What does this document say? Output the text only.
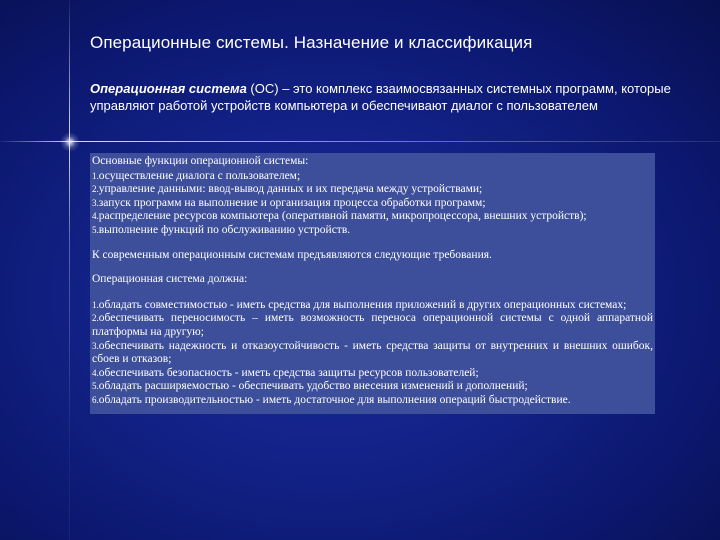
Операционные системы. Назначение и классификация
Операционная система (ОС) – это комплекс взаимосвязанных системных программ, которые управляют работой устройств компьютера и обеспечивают диалог с пользователем

Основные функции операционной системы:

1.осуществление диалога с пользователем;
2.управление данными: ввод-вывод данных и их передача между устройствами;
3.запуск программ на выполнение и организация процесса обработки программ;
4.распределение ресурсов компьютера (оперативной памяти, микропроцессора, внешних устройств);
5.выполнение функций по обслуживанию устройств.

К современным операционным системам предъявляются следующие требования.

Операционная система должна:

1.обладать совместимостью - иметь средства для выполнения приложений в других операционных системах;
2.обеспечивать переносимость – иметь возможность переноса операционной системы с одной аппаратной платформы на другую;
3.обеспечивать надежность и отказоустойчивость - иметь средства защиты от внутренних и внешних ошибок, сбоев и отказов;
4.обеспечивать безопасность - иметь средства защиты ресурсов пользователей;
5.обладать расширяемостью - обеспечивать удобство внесения изменений и дополнений;
6.обладать производительностью - иметь достаточное для выполнения операций быстродействие.
